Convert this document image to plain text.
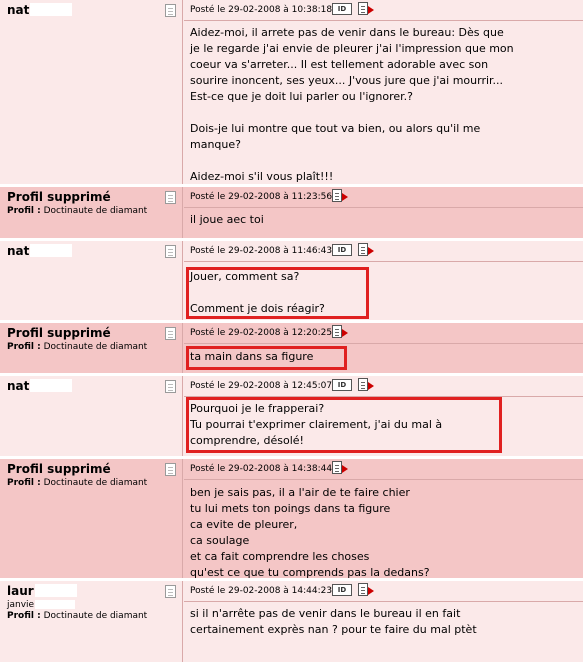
nat	Posté le 29-02-2008 à 10:38:18 ID
Aidez-moi, il arrete pas de venir dans le bureau: Dès que
je le regarde j'ai envie de pleurer j'ai l'impression que mon
coeur va s'arreter... Il est tellement adorable avec son
sourire inoncent, ses yeux... J'vous jure que j'ai mourrir...
Est-ce que je doit lui parler ou l'ignorer.?
Dois-je lui montre que tout va bien, ou alors qu'il me
manque?
Aidez-moi s'il vous plaît!!!
Profil supprimé
Profil : Doctinaute de diamant
Posté le 29-02-2008 à 11:23:56
il joue aec toi
nat	Posté le 29-02-2008 à 11:46:43 ID
Jouer, comment sa?
Comment je dois réagir?
Profil supprimé
Profil : Doctinaute de diamant
Posté le 29-02-2008 à 12:20:25
ta main dans sa figure
nat	Posté le 29-02-2008 à 12:45:07 ID
Pourquoi je le frapperai?
Tu pourrai t'exprimer clairement, j'ai du mal à
comprendre, désolé!
Profil supprimé
Profil : Doctinaute de diamant
Posté le 29-02-2008 à 14:38:44
ben je sais pas, il a l'air de te faire chier
tu lui mets ton poings dans ta figure
ca evite de pleurer,
ca soulage
et ca fait comprendre les choses
qu'est ce que tu comprends pas la dedans?
laur
janvie
Profil : Doctinaute de diamant
Posté le 29-02-2008 à 14:44:23 ID
si il n'arrête pas de venir dans le bureau il en fait
certainement exprès nan ? pour te faire du mal ptèt
